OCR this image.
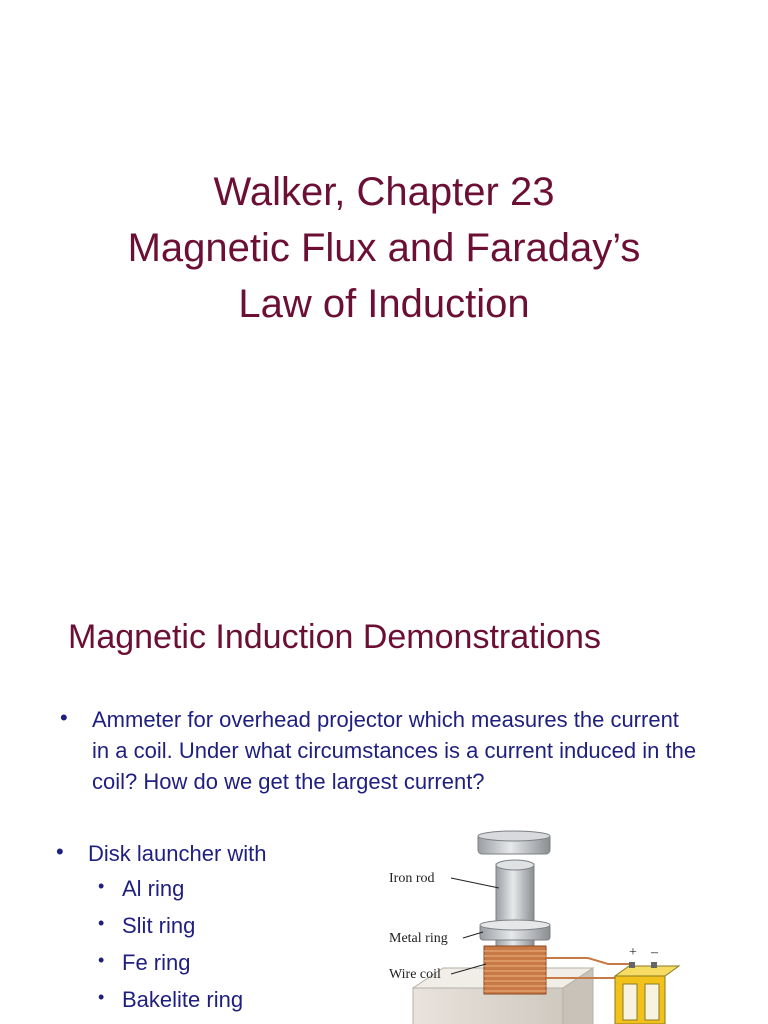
Walker, Chapter 23
Magnetic Flux and Faraday’s
Law of Induction
Magnetic Induction Demonstrations
• Ammeter for overhead projector which measures the current in a coil. Under what circumstances is a current induced in the coil? How do we get the largest current?
• Disk launcher with
• Al ring
• Slit ring
• Fe ring
• Bakelite ring
Iron rod
Metal ring
Wire coil
+ –
